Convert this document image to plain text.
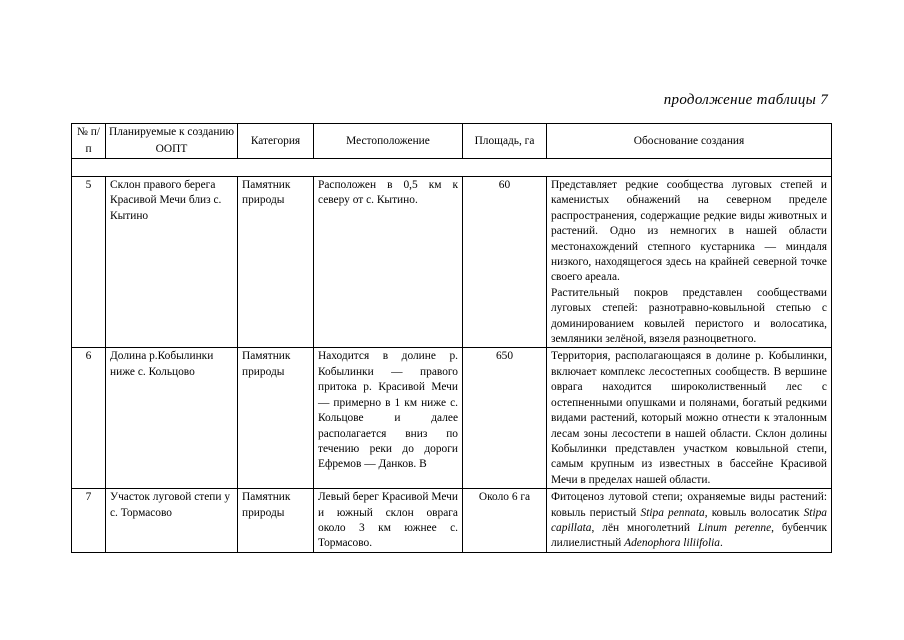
продолжение таблицы 7
№ п/п	Планируемые к созданию ООПТ	Категория	Местоположение	Площадь, га	Обоснование создания

5	Склон правого берега Красивой Мечи близ с. Кытино	Памятник природы	Расположен в 0,5 км к северу от с. Кытино.	60	Представляет редкие сообщества луговых степей и каменистых обнажений на северном пределе распространения, содержащие редкие виды животных и растений. Одно из немногих в нашей области местонахождений степного кустарника — миндаля низкого, находящегося здесь на крайней северной точке своего ареала.

Растительный покров представлен сообществами луговых степей: разнотравно-ковыльной степью с доминированием ковылей перистого и волосатика, земляники зелёной, вязеля разноцветного.

6	Долина р.Кобылинки ниже с. Кольцово	Памятник природы	Находится в долине р. Кобылинки — правого притока р. Красивой Мечи — примерно в 1 км ниже с. Кольцове и далее располагается вниз по течению реки до дороги Ефремов — Данков. В	650	Территория, располагающаяся в долине р. Кобылинки, включает комплекс лесостепных сообществ. В вершине оврага находится широколиственный лес с остепненными опушками и полянами, богатый редкими видами растений, который можно отнести к эталонным лесам зоны лесостепи в нашей области. Склон долины Кобылинки представлен участком ковыльной степи, самым крупным из известных в бассейне Красивой Мечи в пределах нашей области.

7	Участок луговой степи у с. Тормасово	Памятник природы	Левый берег Красивой Мечи и южный склон оврага около 3 км южнее с. Тормасово.	Около 6 га	Фитоценоз лутовой степи; охраняемые виды растений: ковыль перистый Stipa pennata, ковыль волосатик Stipa capillata, лён многолетний Linum perenne, бубенчик лилиелистный Adenophora liliifolia.
